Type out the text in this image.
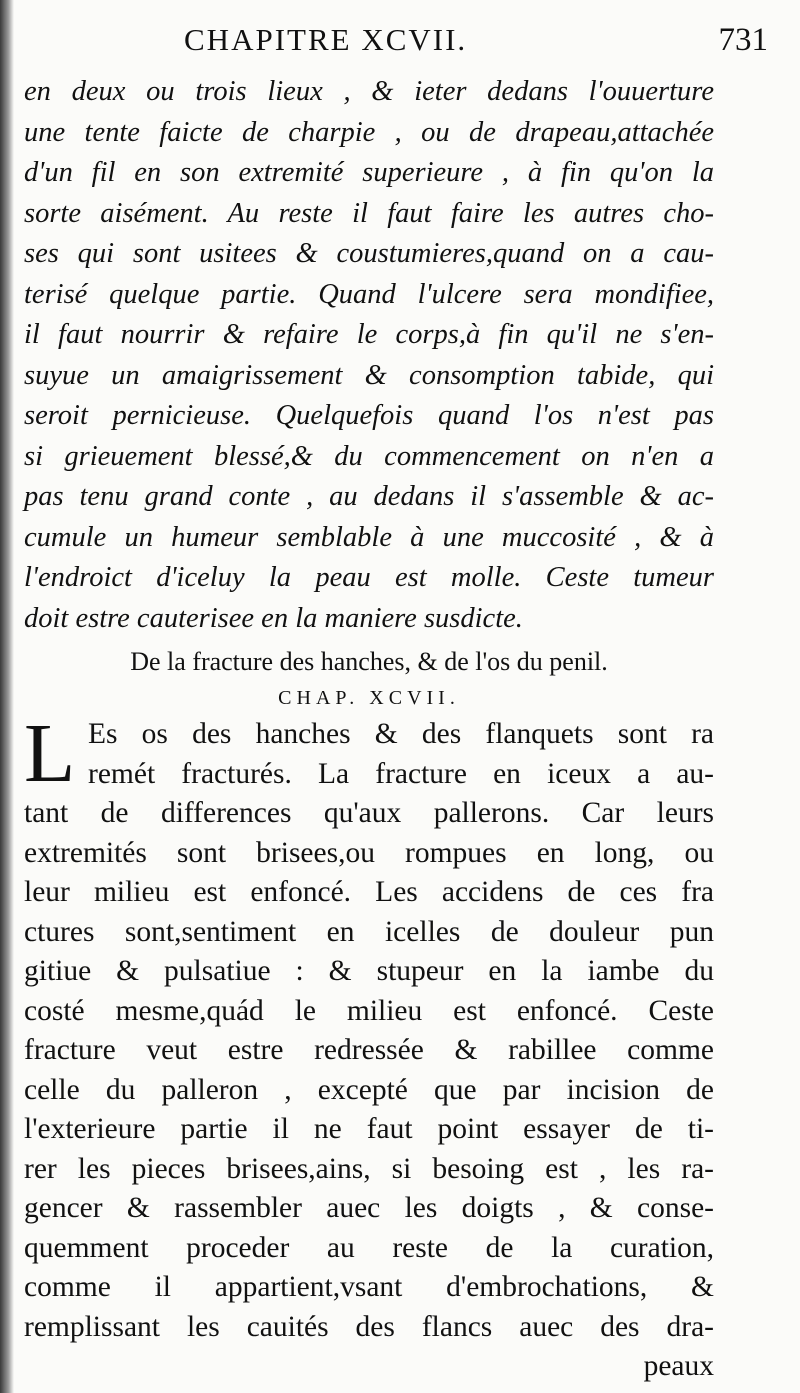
CHAPITRE XCVII.	731
en deux ou trois lieux , & ieter dedans l'ouuerture
une tente faicte de charpie , ou de drapeau,attachée
d'un fil en son extremité superieure , à fin qu'on la
sorte aisément. Au reste il faut faire les autres cho-
ses qui sont usitees & coustumieres,quand on a cau-
terisé quelque partie. Quand l'ulcere sera mondifiee,
il faut nourrir & refaire le corps,à fin qu'il ne s'en-
suyue un amaigrissement & consomption tabide, qui
seroit pernicieuse. Quelquefois quand l'os n'est pas
si grieuement blessé,& du commencement on n'en a
pas tenu grand conte , au dedans il s'assemble & ac-
cumule un humeur semblable à une muccosité , & à
l'endroict d'iceluy la peau est molle. Ceste tumeur
doit estre cauterisee en la maniere susdicte.
De la fracture des hanches, & de l'os du penil.
CHAP. XCVII.
L Es os des hanches & des flanquets sont ra
remét fracturés. La fracture en iceux a au-
tant de differences qu'aux pallerons. Car leurs
extremités sont brisees,ou rompues en long, ou
leur milieu est enfoncé. Les accidens de ces fra
ctures sont,sentiment en icelles de douleur pun
gitiue & pulsatiue : & stupeur en la iambe du
costé mesme,quád le milieu est enfoncé. Ceste
fracture veut estre redressée & rabillee comme
celle du palleron , excepté que par incision de
l'exterieure partie il ne faut point essayer de ti-
rer les pieces brisees,ains, si besoing est , les ra-
gencer & rassembler auec les doigts , & conse-
quemment proceder au reste de la curation,
comme il appartient,vsant d'embrochations, &
remplissant les cauités des flancs auec des dra-
peaux
